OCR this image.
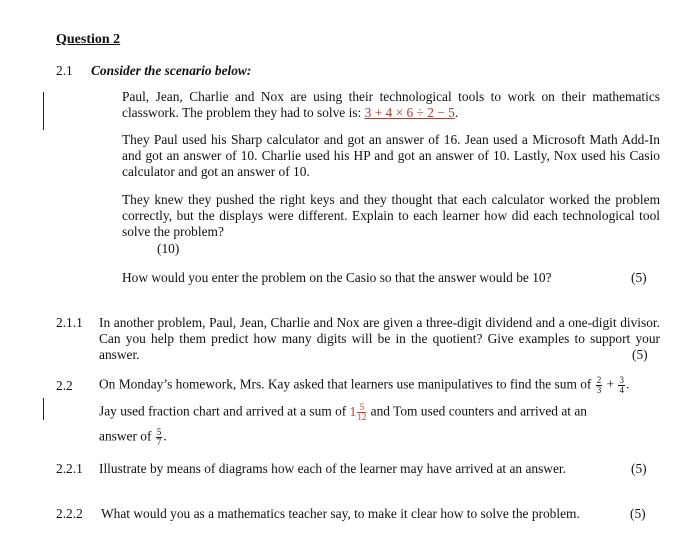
Question 2
2.1 Consider the scenario below:
Paul, Jean, Charlie and Nox are using their technological tools to work on their mathematics classwork. The problem they had to solve is: 3 + 4 × 6 ÷ 2 − 5.
They Paul used his Sharp calculator and got an answer of 16. Jean used a Microsoft Math Add-In and got an answer of 10. Charlie used his HP and got an answer of 10. Lastly, Nox used his Casio calculator and got an answer of 10.
They knew they pushed the right keys and they thought that each calculator worked the problem correctly, but the displays were different. Explain to each learner how did each technological tool solve the problem?
(10)
How would you enter the problem on the Casio so that the answer would be 10?	(5)
2.1.1 In another problem, Paul, Jean, Charlie and Nox are given a three-digit dividend and a one-digit divisor. Can you help them predict how many digits will be in the quotient? Give examples to support your answer.	(5)
2.2 On Monday’s homework, Mrs. Kay asked that learners use manipulatives to find the sum of $\frac{2}{3} + \frac{3}{4}$ .
Jay used fraction chart and arrived at a sum of $1 \frac{5}{12}$ and Tom used counters and arrived at an
answer of $\frac{5}{7}$ .
2.2.1 Illustrate by means of diagrams how each of the learner may have arrived at an answer.	(5)
2.2.2 What would you as a mathematics teacher say, to make it clear how to solve the problem.	(5)
